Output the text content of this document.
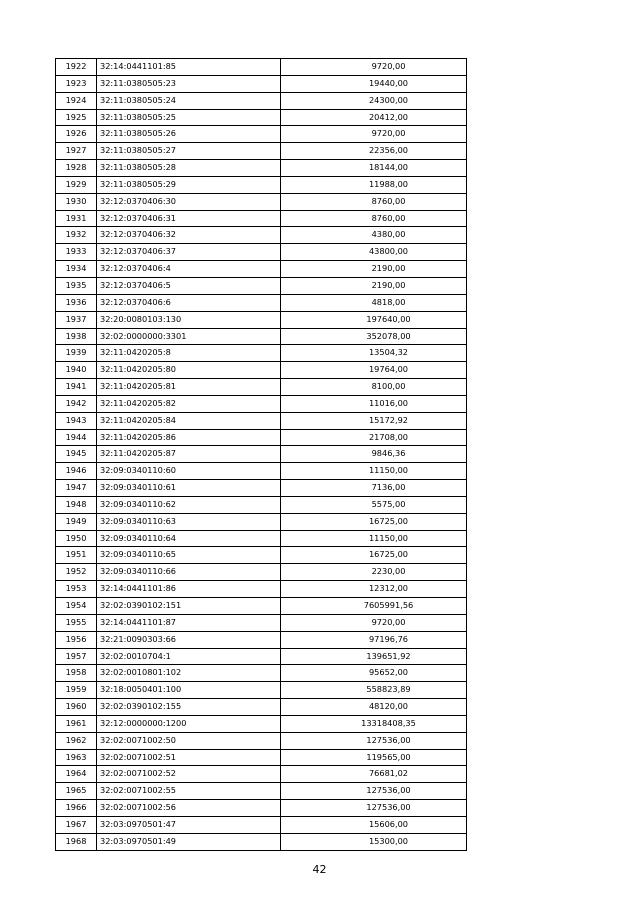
1922	32:14:0441101:85	9720,00
1923	32:11:0380505:23	19440,00
1924	32:11:0380505:24	24300,00
1925	32:11:0380505:25	20412,00
1926	32:11:0380505:26	9720,00
1927	32:11:0380505:27	22356,00
1928	32:11:0380505:28	18144,00
1929	32:11:0380505:29	11988,00
1930	32:12:0370406:30	8760,00
1931	32:12:0370406:31	8760,00
1932	32:12:0370406:32	4380,00
1933	32:12:0370406:37	43800,00
1934	32:12:0370406:4	2190,00
1935	32:12:0370406:5	2190,00
1936	32:12:0370406:6	4818,00
1937	32:20:0080103:130	197640,00
1938	32:02:0000000:3301	352078,00
1939	32:11:0420205:8	13504,32
1940	32:11:0420205:80	19764,00
1941	32:11:0420205:81	8100,00
1942	32:11:0420205:82	11016,00
1943	32:11:0420205:84	15172,92
1944	32:11:0420205:86	21708,00
1945	32:11:0420205:87	9846,36
1946	32:09:0340110:60	11150,00
1947	32:09:0340110:61	7136,00
1948	32:09:0340110:62	5575,00
1949	32:09:0340110:63	16725,00
1950	32:09:0340110:64	11150,00
1951	32:09:0340110:65	16725,00
1952	32:09:0340110:66	2230,00
1953	32:14:0441101:86	12312,00
1954	32:02:0390102:151	7605991,56
1955	32:14:0441101:87	9720,00
1956	32:21:0090303:66	97196,76
1957	32:02:0010704:1	139651,92
1958	32:02:0010801:102	95652,00
1959	32:18:0050401:100	558823,89
1960	32:02:0390102:155	48120,00
1961	32:12:0000000:1200	13318408,35
1962	32:02:0071002:50	127536,00
1963	32:02:0071002:51	119565,00
1964	32:02:0071002:52	76681,02
1965	32:02:0071002:55	127536,00
1966	32:02:0071002:56	127536,00
1967	32:03:0970501:47	15606,00
1968	32:03:0970501:49	15300,00
42
